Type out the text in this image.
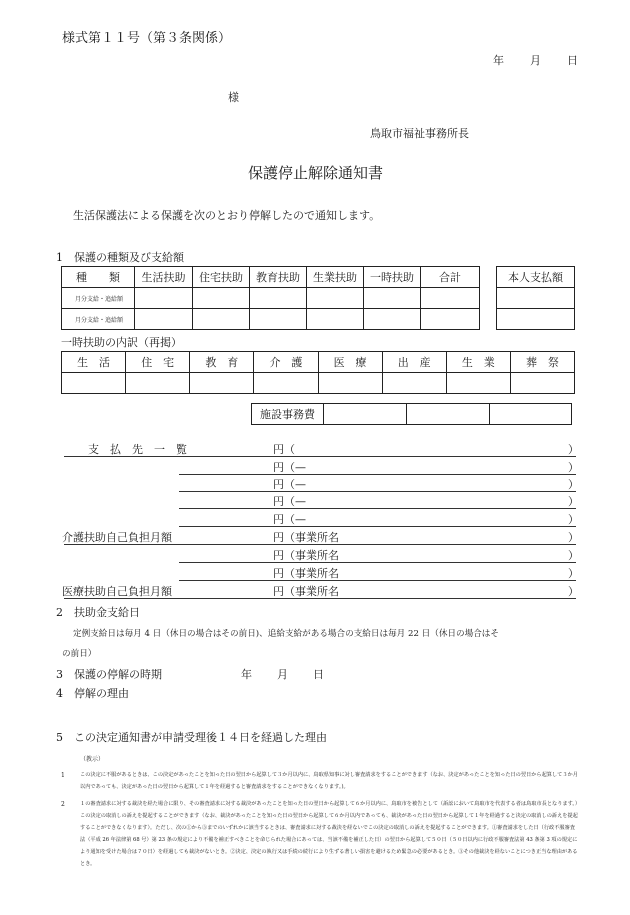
様式第１１号（第３条関係）
年 月 日
様
鳥取市福祉事務所長
保護停止解除通知書
生活保護法による保護を次のとおり停解したので通知します。
1　保護の種類及び支給額
種　　類	生活扶助	住宅扶助	教育扶助	生業扶助	一時扶助	合計
月分支給・追給額						
月分支給・追給額						
本人支払額

一時扶助の内訳（再掲）
生　活	住　宅	教　育	介　護	医　療	出　産	生　業	葬　祭

施設事務費			
支　払　先　一　覧	円（	）
円（—	）
円（—	）
円（—	）
円（—	）
介護扶助自己負担月額	円（事業所名	）
円（事業所名	）
円（事業所名	）
医療扶助自己負担月額	円（事業所名	）
2　扶助金支給日
定例支給日は毎月 4 日（休日の場合はその前日)、追給支給がある場合の支給日は毎月 22 日（休日の場合はそ
の前日）
3　保護の停解の時期	年 月 日
4　停解の理由
5　この決定通知書が申請受理後１４日を経過した理由
（教示）
1	この決定に不服があるときは、この決定があったことを知った日の翌日から起算して３か月以内に、鳥取県知事に対し審査請求をすることができます（なお、決定があったことを知った日の翌日から起算して３か月以内であっても、決定があった日の翌日から起算して１年を経過すると審査請求をすることができなくなります。)。
2	１の審査請求に対する裁決を経た場合に限り、その審査請求に対する裁決があったことを知った日の翌日から起算して６か月以内に、鳥取市を被告として（訴訟において鳥取市を代表する者は鳥取市長となります。）この決定の取消しの訴えを提起することができます（なお、裁決があったことを知った日の翌日から起算して６か月以内であっても、裁決があった日の翌日から起算して１年を経過すると決定の取消しの訴えを提起することができなくなります）。ただし、次の①から③までのいずれかに該当するときは、審査請求に対する裁決を経ないでこの決定の取消しの訴えを提起することができます。①審査請求をした日（行政不服審査法（平成 26 年法律第 68 号）第 23 条の規定により不備を補正すべきことを命じられた場合にあっては、当該不備を補正した日）の翌日から起算して５０日（５０日以内に行政不服審査法第 43 条第 3 項の規定により通知を受けた場合は７０日）を経過しても裁決がないとき。②決定、決定の執行又は手続の続行により生ずる著しい損害を避けるため緊急の必要があるとき。③その他裁決を経ないことにつき正当な理由があるとき。
